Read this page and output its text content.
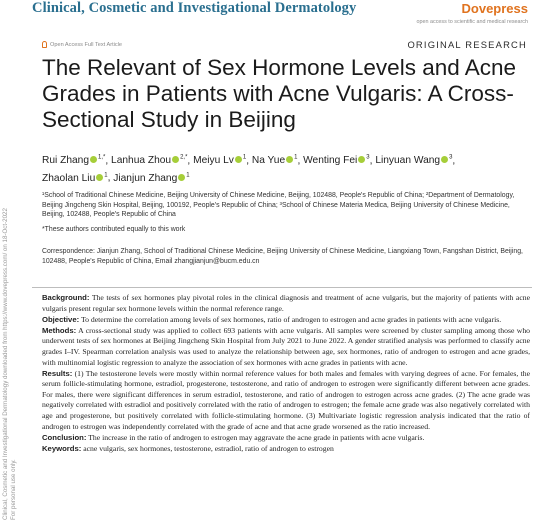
Clinical, Cosmetic and Investigational Dermatology downloaded from https://www.dovepress.com/ on 18-Oct-2022 For personal use only.
Clinical, Cosmetic and Investigational Dermatology	Dovepress
open access to scientific and medical research
Open Access Full Text Article	ORIGINAL RESEARCH
The Relevant of Sex Hormone Levels and Acne Grades in Patients with Acne Vulgaris: A Cross-Sectional Study in Beijing
Rui Zhang $^{1,*}$, Lanhua Zhou $^{2,*}$, Meiyu Lv $^1$, Na Yue $^1$, Wenting Fei $^3$, Linyuan Wang $^3$, Zhaolan Liu $^1$, Jianjun Zhang $^1$
¹School of Traditional Chinese Medicine, Beijing University of Chinese Medicine, Beijing, 102488, People's Republic of China; ²Department of Dermatology, Beijing Jingcheng Skin Hospital, Beijing, 100192, People's Republic of China; ³School of Chinese Materia Medica, Beijing University of Chinese Medicine, Beijing, 102488, People's Republic of China
*These authors contributed equally to this work
Correspondence: Jianjun Zhang, School of Traditional Chinese Medicine, Beijing University of Chinese Medicine, Liangxiang Town, Fangshan District, Beijing, 102488, People's Republic of China, Email zhangjianjun@bucm.edu.cn

Background: The tests of sex hormones play pivotal roles in the clinical diagnosis and treatment of acne vulgaris, but the majority of patients with acne vulgaris present regular sex hormone levels within the normal reference range.

Objective: To determine the correlation among levels of sex hormones, ratio of androgen to estrogen and acne grades in patients with acne vulgaris.

Methods: A cross-sectional study was applied to collect 693 patients with acne vulgaris. All samples were screened by cluster sampling among those who underwent tests of sex hormones at Beijing Jingcheng Skin Hospital from July 2021 to June 2022. A gender stratified analysis was performed to classify acne grades I–IV. Spearman correlation analysis was used to analyze the relationship between age, sex hormones, ratio of androgen to estrogen and acne grades, with multinomial logistic regression to analyze the association of sex hormones with acne grades in patients with acne.

Results: (1) The testosterone levels were mostly within normal reference values for both males and females with varying degrees of acne. For females, the serum follicle-stimulating hormone, estradiol, progesterone, testosterone, and ratio of androgen to estrogen were significantly different between acne grades. For males, there were significant differences in serum estradiol, testosterone, and ratio of androgen to estrogen across acne grades. (2) The acne grade was negatively correlated with estradiol and positively correlated with the ratio of androgen to estrogen; the female acne grade was also negatively correlated with age and progesterone, but positively correlated with follicle-stimulating hormone. (3) Multivariate logistic regression analysis indicated that the ratio of androgen to estrogen was independently correlated with the grade of acne and that acne grade worsened as the ratio increased.

Conclusion: The increase in the ratio of androgen to estrogen may aggravate the acne grade in patients with acne vulgaris.

Keywords: acne vulgaris, sex hormones, testosterone, estradiol, ratio of androgen to estrogen
